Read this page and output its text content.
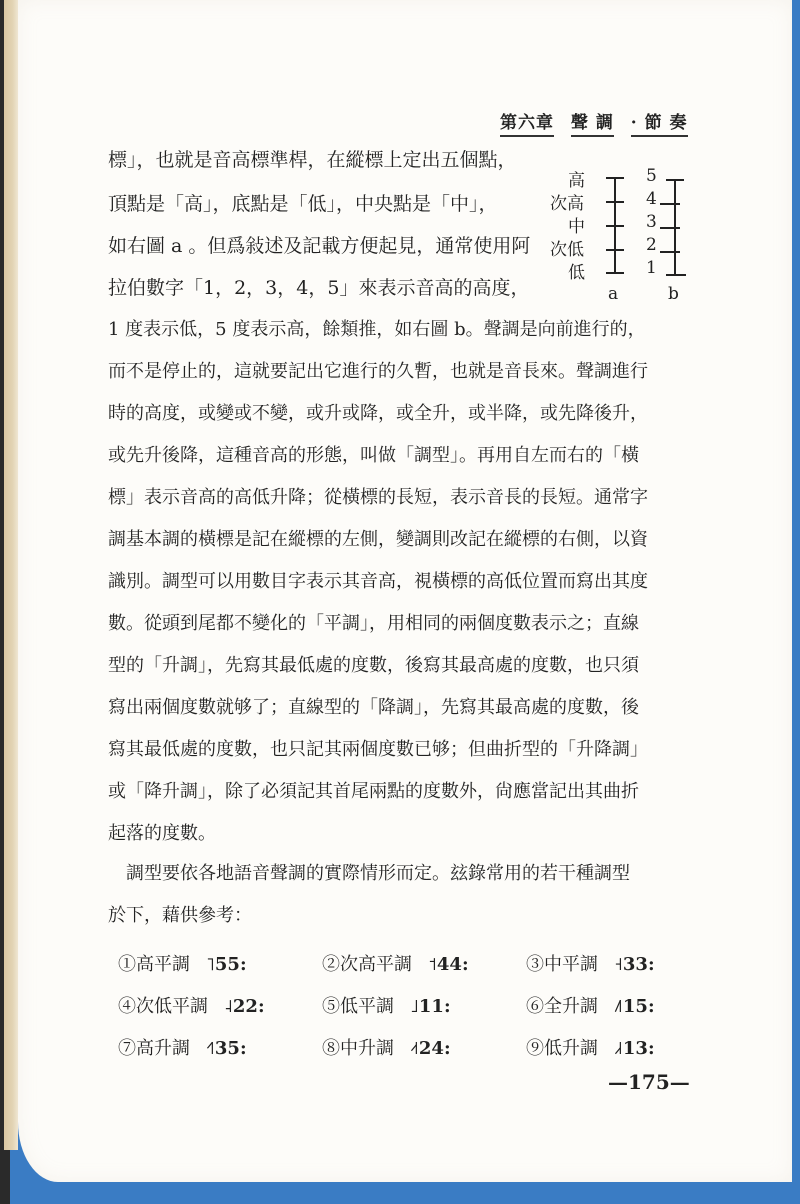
第六章 聲 調 · 節 奏
高
次高
中
次低
低
a
5
4
3
2
1
b
標」，也就是音高標準桿，在縱標上定出五個點，
頂點是「高」，底點是「低」，中央點是「中」，
如右圖 a 。但爲敍述及記載方便起見，通常使用阿
拉伯數字「1，2，3，4，5」來表示音高的高度，
1 度表示低，5 度表示高，餘類推，如右圖 b。聲調是向前進行的，
而不是停止的，這就要記出它進行的久暫，也就是音長來。聲調進行
時的高度，或變或不變，或升或降，或全升，或半降，或先降後升，
或先升後降，這種音高的形態，叫做「調型」。再用自左而右的「橫
標」表示音高的高低升降；從橫標的長短，表示音長的長短。通常字
調基本調的橫標是記在縱標的左側，變調則改記在縱標的右側，以資
識別。調型可以用數目字表示其音高，視橫標的高低位置而寫出其度
數。從頭到尾都不變化的「平調」，用相同的兩個度數表示之；直線
型的「升調」，先寫其最低處的度數，後寫其最高處的度數，也只須
寫出兩個度數就够了；直線型的「降調」，先寫其最高處的度數，後
寫其最低處的度數，也只記其兩個度數已够；但曲折型的「升降調」
或「降升調」，除了必須記其首尾兩點的度數外，尙應當記出其曲折
起落的度數。
　調型要依各地語音聲調的實際情形而定。玆錄常用的若干種調型
於下，藉供參考：
①高平調 ˥55:	②次高平調 ˦44:	③中平調 ˧33:
④次低平調 ˨22:	⑤低平調 ˩11:	⑥全升調 ˩˥15:
⑦高升調 ˧˥35:	⑧中升調 ˨˦24:	⑨低升調 ˩˧13:
—175—
